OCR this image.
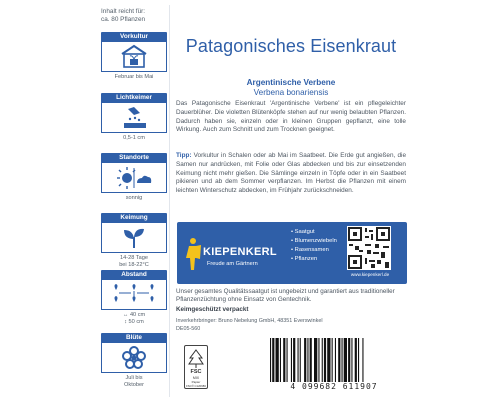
Inhalt reicht für:
ca. 80 Pflanzen
Vorkultur
Februar bis Mai
Lichtkeimer
0,5-1 cm
Standorte
sonnig
Keimung
14-28 Tage
bei 18-22°C
Abstand
↔ 40 cm
↕ 50 cm
Blüte
Juli bis
Oktober
Patagonisches Eisenkraut
Argentinische Verbene
Verbena bonariensis
Das Patagonische Eisenkraut 'Argentinische Verbene' ist ein pflegeleichter Dauerblüher. Die violetten Blütenköpfe stehen auf nur wenig belaubten Pflanzen. Dadurch haben sie, einzeln oder in kleinen Gruppen gepflanzt, eine tolle Wirkung. Auch zum Schnitt und zum Trocknen geeignet.
Tipp: Vorkultur in Schalen oder ab Mai im Saatbeet. Die Erde gut angießen, die Samen nur andrücken, mit Folie oder Glas abdecken und bis zur einsetzenden Keimung nicht mehr gießen. Die Sämlinge einzeln in Töpfe oder in ein Saatbeet pikieren und ab dem Sommer verpflanzen. Im Herbst die Pflanzen mit einem leichten Winterschutz abdecken, im Frühjahr zurückschneiden.
KIEPENKERL
Freude am Gärtnern
• Saatgut
• Blumenzwiebeln
• Rasensamen
• Pflanzen
www.kiepenkerl.de
Unser gesamtes Qualitätssaatgut ist ungebeizt und garantiert aus traditioneller Pflanzenzüchtung ohne Einsatz von Gentechnik.
Keimgeschützt verpackt
Inverkehrbringer: Bruno Nebelung GmbH, 48351 Everswinkel
DE05-560
FSC
MIX
Papier
FSC® C120686	4 099682 611907
